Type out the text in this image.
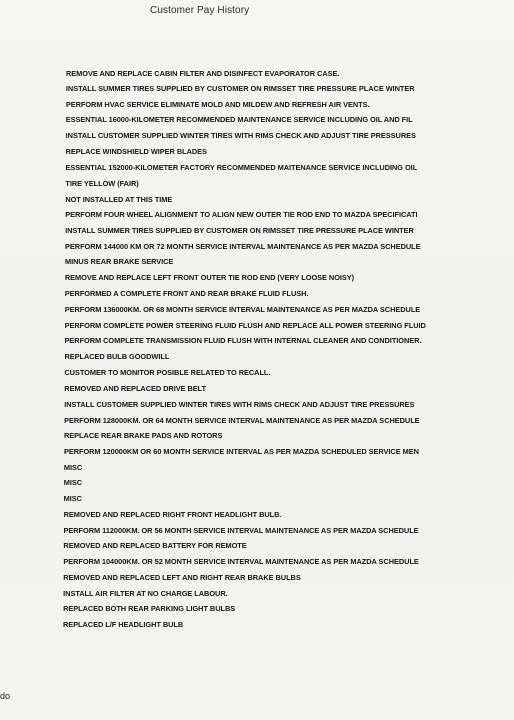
Customer Pay History
REMOVE AND REPLACE CABIN FILTER AND DISINFECT EVAPORATOR CASE.
INSTALL SUMMER TIRES SUPPLIED BY CUSTOMER ON RIMSSET TIRE PRESSURE PLACE WINTER
PERFORM HVAC SERVICE ELIMINATE MOLD AND MILDEW AND REFRESH AIR VENTS.
ESSENTIAL 16000-KILOMETER RECOMMENDED MAINTENANCE SERVICE INCLUDING OIL AND FIL
INSTALL CUSTOMER SUPPLIED WINTER TIRES WITH RIMS CHECK AND ADJUST TIRE PRESSURES
REPLACE WINDSHIELD WIPER BLADES
ESSENTIAL 152000-KILOMETER FACTORY RECOMMENDED MAITENANCE SERVICE INCLUDING OIL
TIRE YELLOW (FAIR)
NOT INSTALLED AT THIS TIME
PERFORM FOUR WHEEL ALIGNMENT TO ALIGN NEW OUTER TIE ROD END TO MAZDA SPECIFICATI
INSTALL SUMMER TIRES SUPPLIED BY CUSTOMER ON RIMSSET TIRE PRESSURE PLACE WINTER
PERFORM 144000 KM OR 72 MONTH SERVICE INTERVAL MAINTENANCE AS PER MAZDA SCHEDULE
MINUS REAR BRAKE SERVICE
REMOVE AND REPLACE LEFT FRONT OUTER TIE ROD END (VERY LOOSE NOISY)
PERFORMED A COMPLETE FRONT AND REAR BRAKE FLUID FLUSH.
PERFORM 136000KM. OR 68 MONTH SERVICE INTERVAL MAINTENANCE AS PER MAZDA SCHEDULE
PERFORM COMPLETE POWER STEERING FLUID FLUSH AND REPLACE ALL POWER STEERING FLUID
PERFORM COMPLETE TRANSMISSION FLUID FLUSH WITH INTERNAL CLEANER AND CONDITIONER.
REPLACED BULB GOODWILL
CUSTOMER TO MONITOR POSIBLE RELATED TO RECALL.
REMOVED AND REPLACED DRIVE BELT
INSTALL CUSTOMER SUPPLIED WINTER TIRES WITH RIMS CHECK AND ADJUST TIRE PRESSURES
PERFORM 128000KM. OR 64 MONTH SERVICE INTERVAL MAINTENANCE AS PER MAZDA SCHEDULE
REPLACE REAR BRAKE PADS AND ROTORS
PERFORM 120000KM OR 60 MONTH SERVICE INTERVAL AS PER MAZDA SCHEDULED SERVICE MEN
MISC
MISC
MISC
REMOVED AND REPLACED RIGHT FRONT HEADLIGHT BULB.
PERFORM 112000KM. OR 56 MONTH SERVICE INTERVAL MAINTENANCE AS PER MAZDA SCHEDULE
REMOVED AND REPLACED BATTERY FOR REMOTE
PERFORM 104000KM. OR 52 MONTH SERVICE INTERVAL MAINTENANCE AS PER MAZDA SCHEDULE
REMOVED AND REPLACED LEFT AND RIGHT REAR BRAKE BULBS
INSTALL AIR FILTER AT NO CHARGE LABOUR.
REPLACED BOTH REAR PARKING LIGHT BULBS
REPLACED L/F HEADLIGHT BULB
do
